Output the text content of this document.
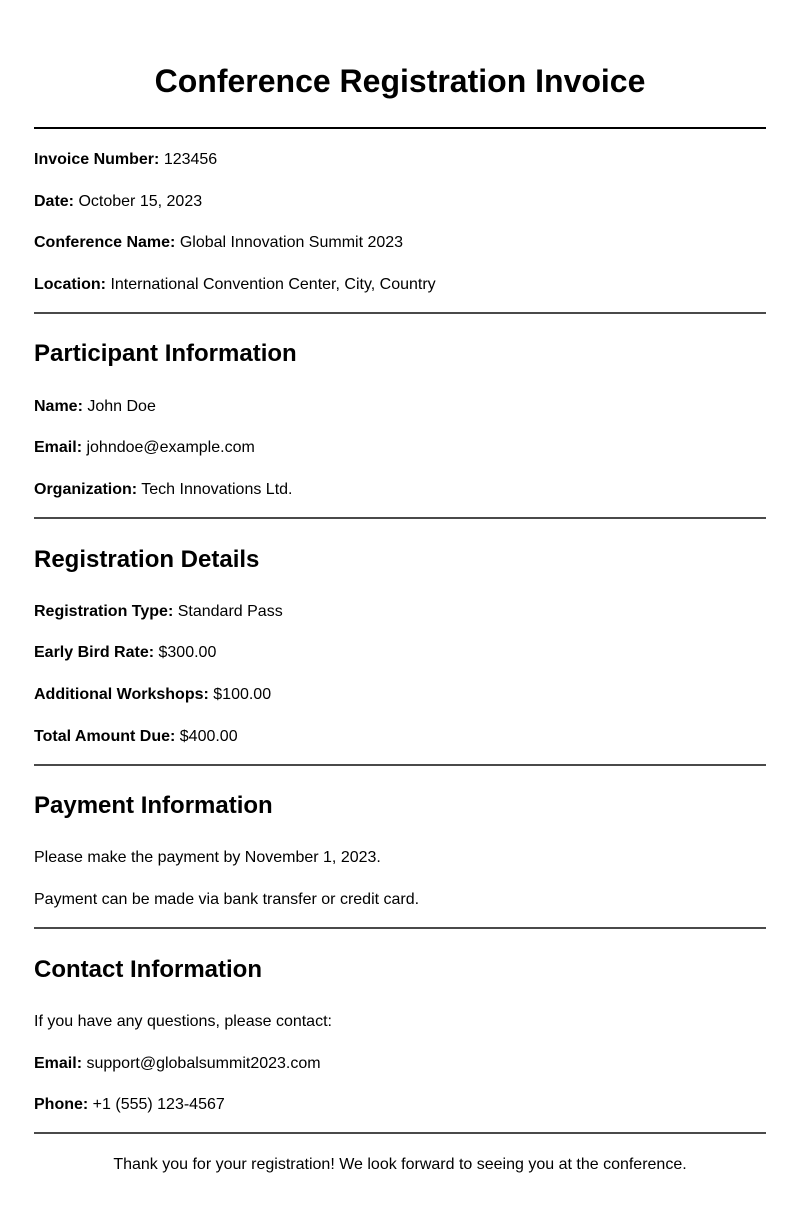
Conference Registration Invoice
Invoice Number: 123456
Date: October 15, 2023
Conference Name: Global Innovation Summit 2023
Location: International Convention Center, City, Country
Participant Information
Name: John Doe
Email: johndoe@example.com
Organization: Tech Innovations Ltd.
Registration Details
Registration Type: Standard Pass
Early Bird Rate: $300.00
Additional Workshops: $100.00
Total Amount Due: $400.00
Payment Information
Please make the payment by November 1, 2023.
Payment can be made via bank transfer or credit card.
Contact Information
If you have any questions, please contact:
Email: support@globalsummit2023.com
Phone: +1 (555) 123-4567
Thank you for your registration! We look forward to seeing you at the conference.
